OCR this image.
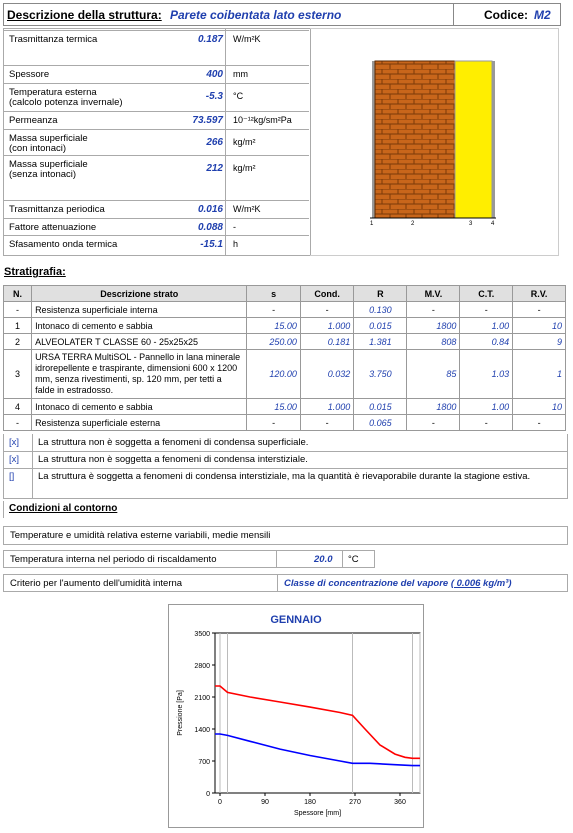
Descrizione della struttura: Parete coibentata lato esterno	Codice: M2
Trasmittanza termica	0.187 W/m²K
Spessore	400 mm
Temperatura esterna
(calcolo potenza invernale)
-5.3 °C
Permeanza	73.597 10⁻¹²kg/sm²Pa
Massa superficiale
(con intonaci)
266 kg/m²
Massa superficiale
(senza intonaci)
212 kg/m²
Trasmittanza periodica	0.016 W/m²K
Fattore attenuazione	0.088 -
Sfasamento onda termica	-15.1 h
1	2	3	4
Stratigrafia:
N.	Descrizione strato	s	Cond.	R	M.V.	C.T.	R.V.
-	Resistenza superficiale interna	-	-	0.130	-	-	-
1	Intonaco di cemento e sabbia	15.00	1.000	0.015	1800	1.00	10
2	ALVEOLATER T CLASSE 60 - 25x25x25	250.00	0.181	1.381	808	0.84	9
3	URSA TERRA MultiSOL - Pannello in lana minerale idrorepellente e traspirante, dimensioni 600 x 1200 mm, senza rivestimenti, sp. 120 mm, per tetti a falde in estradosso.	120.00	0.032	3.750	85	1.03	1
4	Intonaco di cemento e sabbia	15.00	1.000	0.015	1800	1.00	10
-	Resistenza superficiale esterna	-	-	0.065	-	-	-
[x] La struttura non è soggetta a fenomeni di condensa superficiale.
[x] La struttura non è soggetta a fenomeni di condensa interstiziale.
[] La struttura è soggetta a fenomeni di condensa interstiziale, ma la quantità è rievaporabile durante la stagione estiva.
Condizioni al contorno
Temperature e umidità relativa esterne variabili, medie mensili
Temperatura interna nel periodo di riscaldamento	20.0 °C
Criterio per l'aumento dell'umidità interna	Classe di concentrazione del vapore ( 0.006 kg/m³)
GENNAIO
0
700
1400
2100
2800
3500
0	90	180	270	360
Spessore [mm]
Pressione [Pa]
